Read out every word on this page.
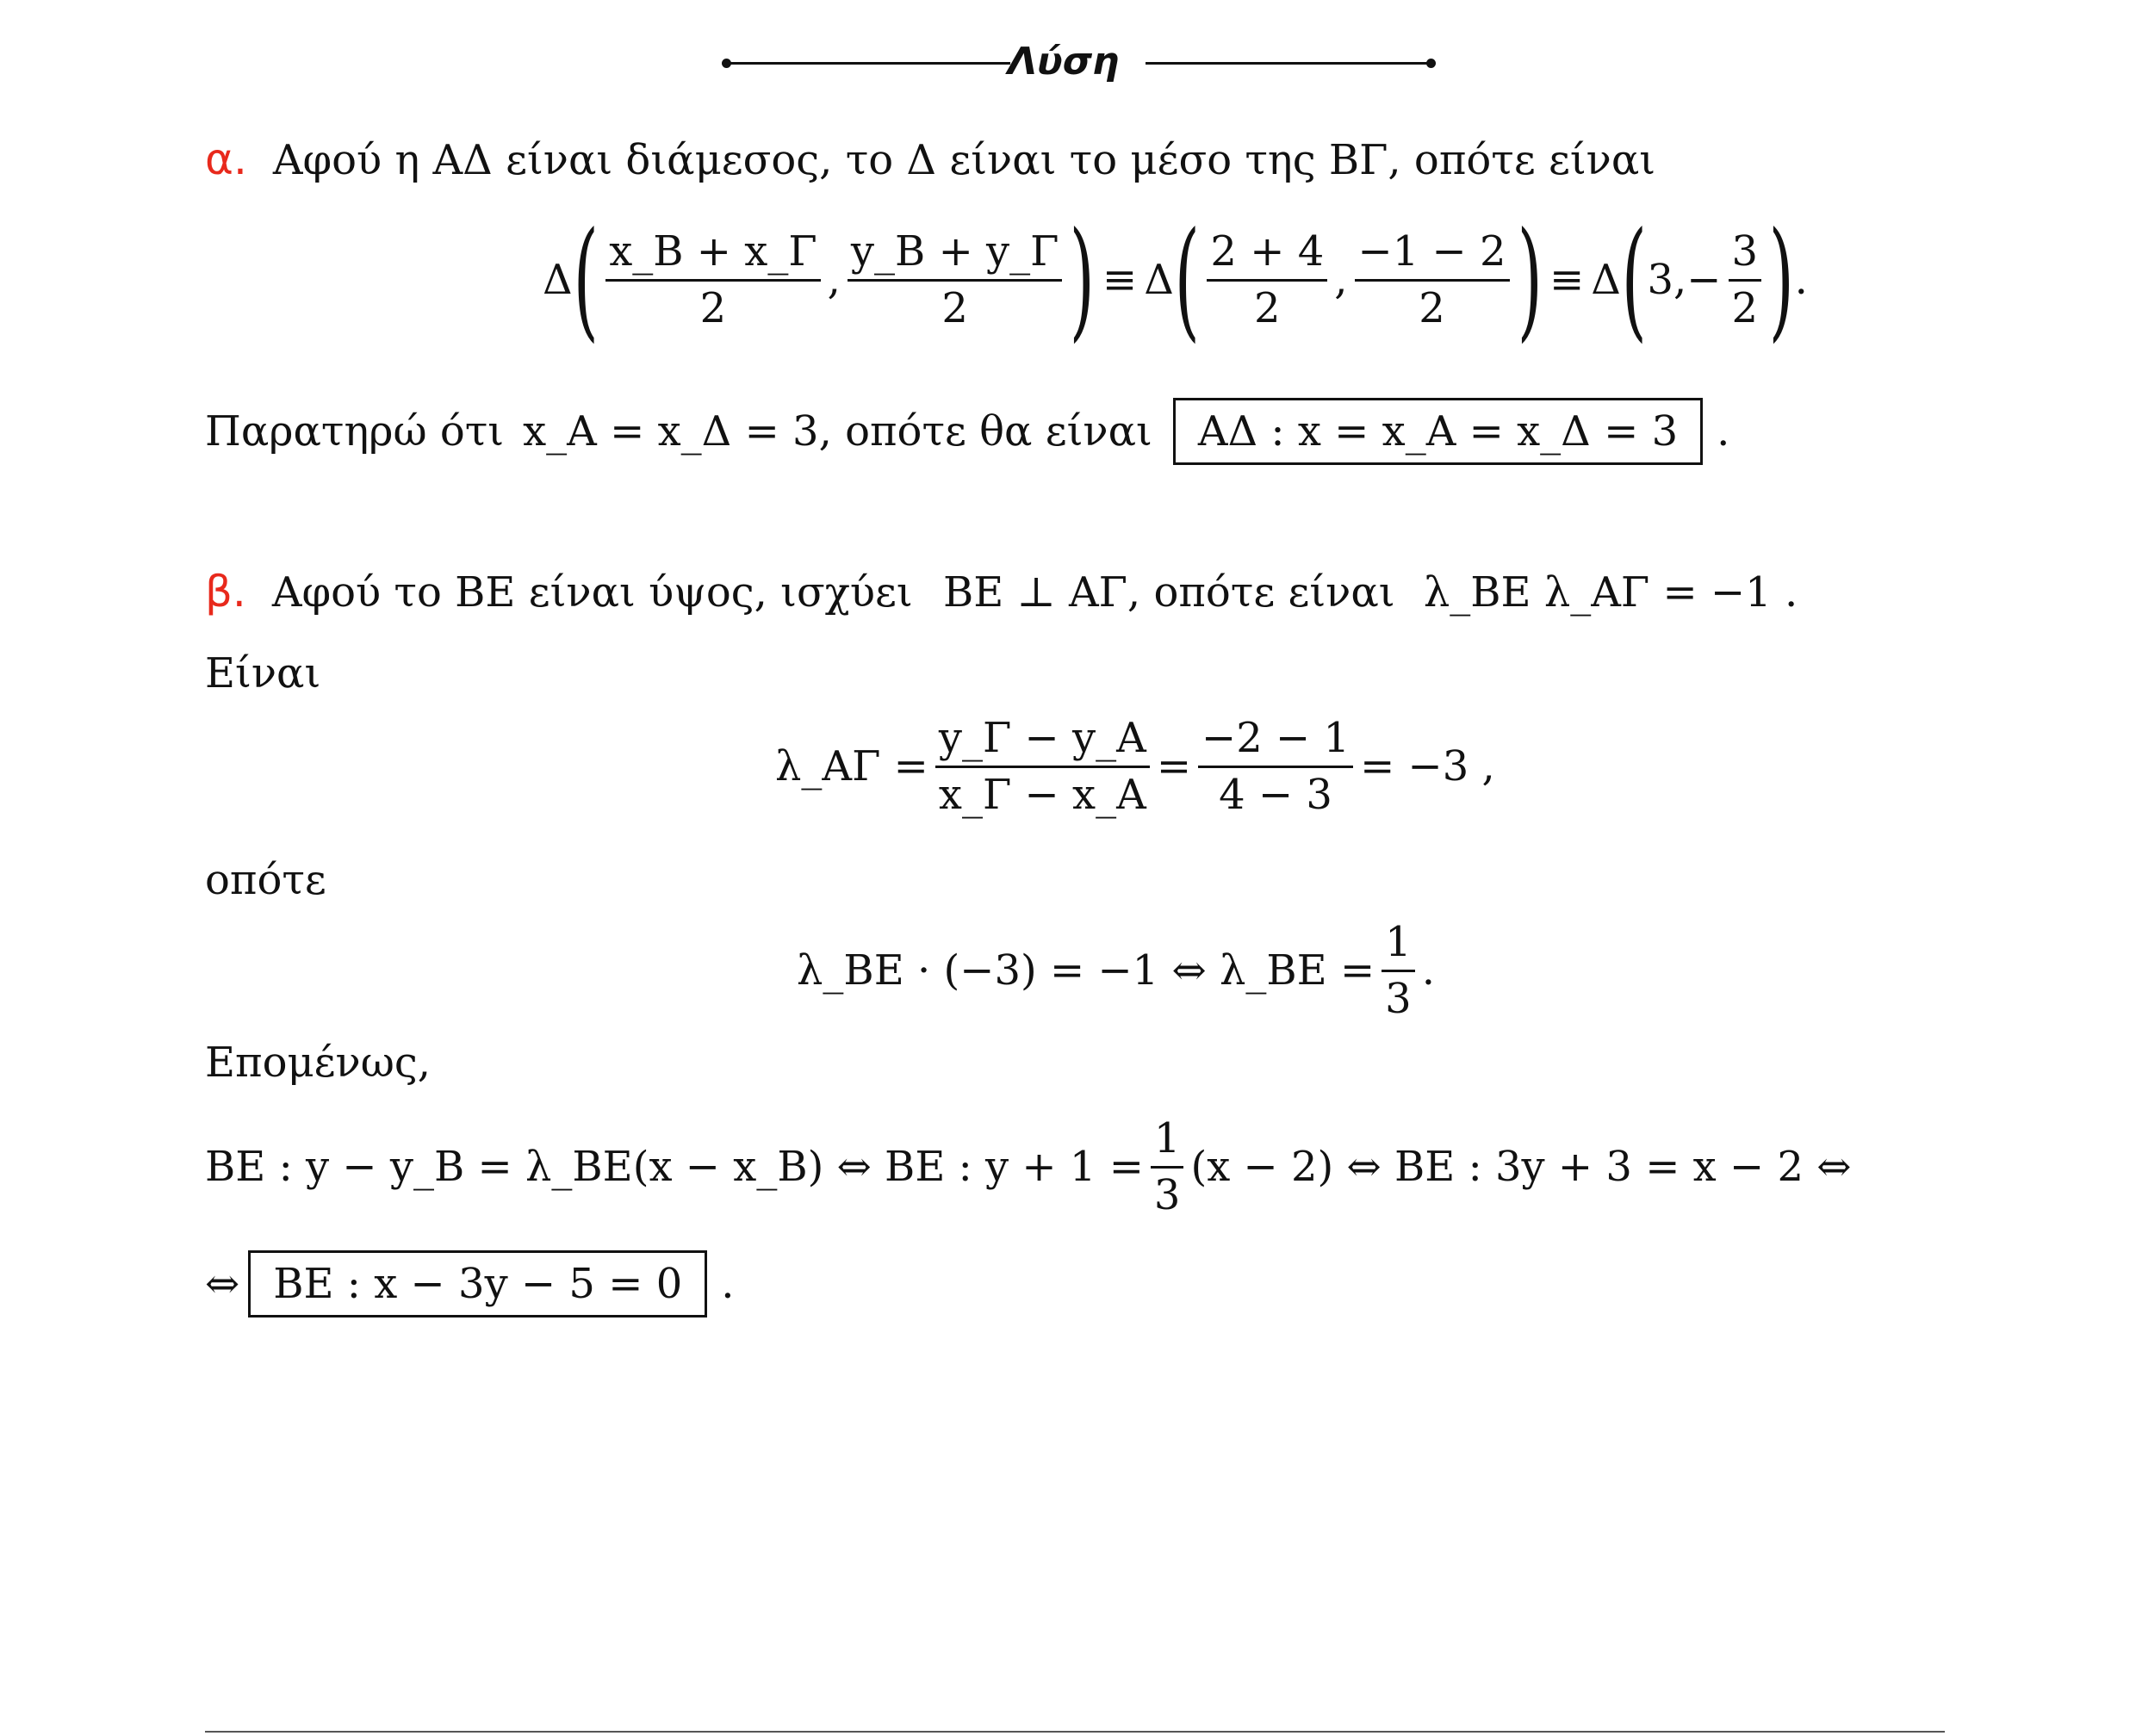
Λύση
α. Αφού η ΑΔ είναι διάμεσος, το Δ είναι το μέσο της ΒΓ, οπότε είναι
Δ ( $\frac{x\_B + x\_\Gamma}{2}$ , $\frac{y\_B + y\_\Gamma}{2}$ ) ≡ Δ ( $\frac{2 + 4}{2}$ , $\frac{-1 - 2}{2}$ ) ≡ Δ ( 3, − $\frac{3}{2}$ ) .
Παρατηρώ ότι x_A = x_Δ = 3 , οπότε θα είναι	ΑΔ : x = x_A = x_Δ = 3 .
β. Αφού το ΒΕ είναι ύψος, ισχύει ΒΕ ⊥ ΑΓ, οπότε είναι λ_ΒΕ λ_ΑΓ = −1 .
Είναι
λ_ΑΓ = $\frac{y\_\Gamma - y\_A}{x\_\Gamma - x\_A} = \frac{-2 - 1}{4 - 3} = -3$ ,
οπότε
λ_ΒΕ · (−3) = −1 ⇔ λ_ΒΕ = $\frac{1}{3}$ .
Επομένως,
ΒΕ : y − y_B = λ_ΒΕ(x − x_B) ⇔ ΒΕ : $y + 1 = \frac{1}{3} (x - 2)$ ⇔ ΒΕ : 3y + 3 = x − 2 ⇔
⇔ ΒΕ : x − 3y − 5 = 0 .
